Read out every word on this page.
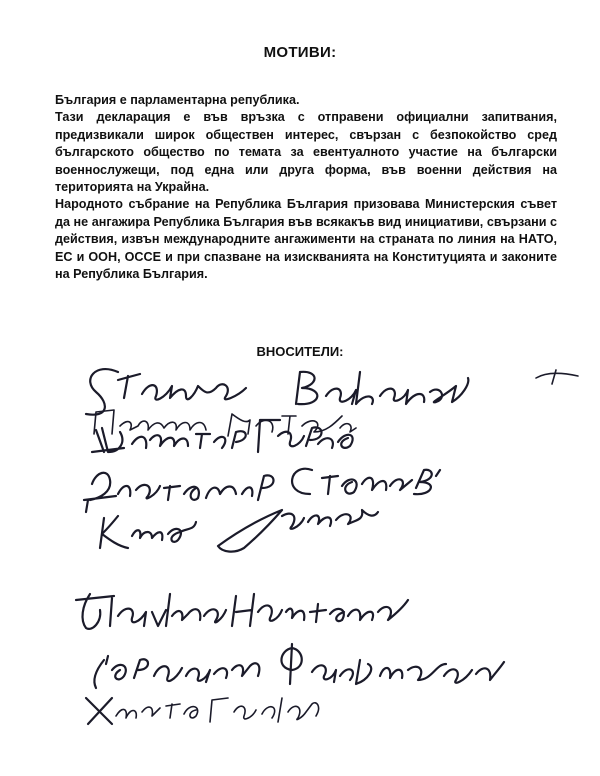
МОТИВИ:

България е парламентарна република.

Тази декларация е във връзка с отправени официални запитвания, предизвикали широк обществен интерес, свързан с безпокойство сред българското общество по темата за евентуалното участие на български военнослужещи, под една или друга форма, във военни действия на територията на Украйна.

Народното събрание на Република България призовава Министерския съвет да не ангажира Република България във всякакъв вид инициативи, свързани с действия, извън международните ангажименти на страната по линия на НАТО, ЕС и ООН, ОССЕ и при спазване на изискванията на Конституцията и законите на Република България.

ВНОСИТЕЛИ:
